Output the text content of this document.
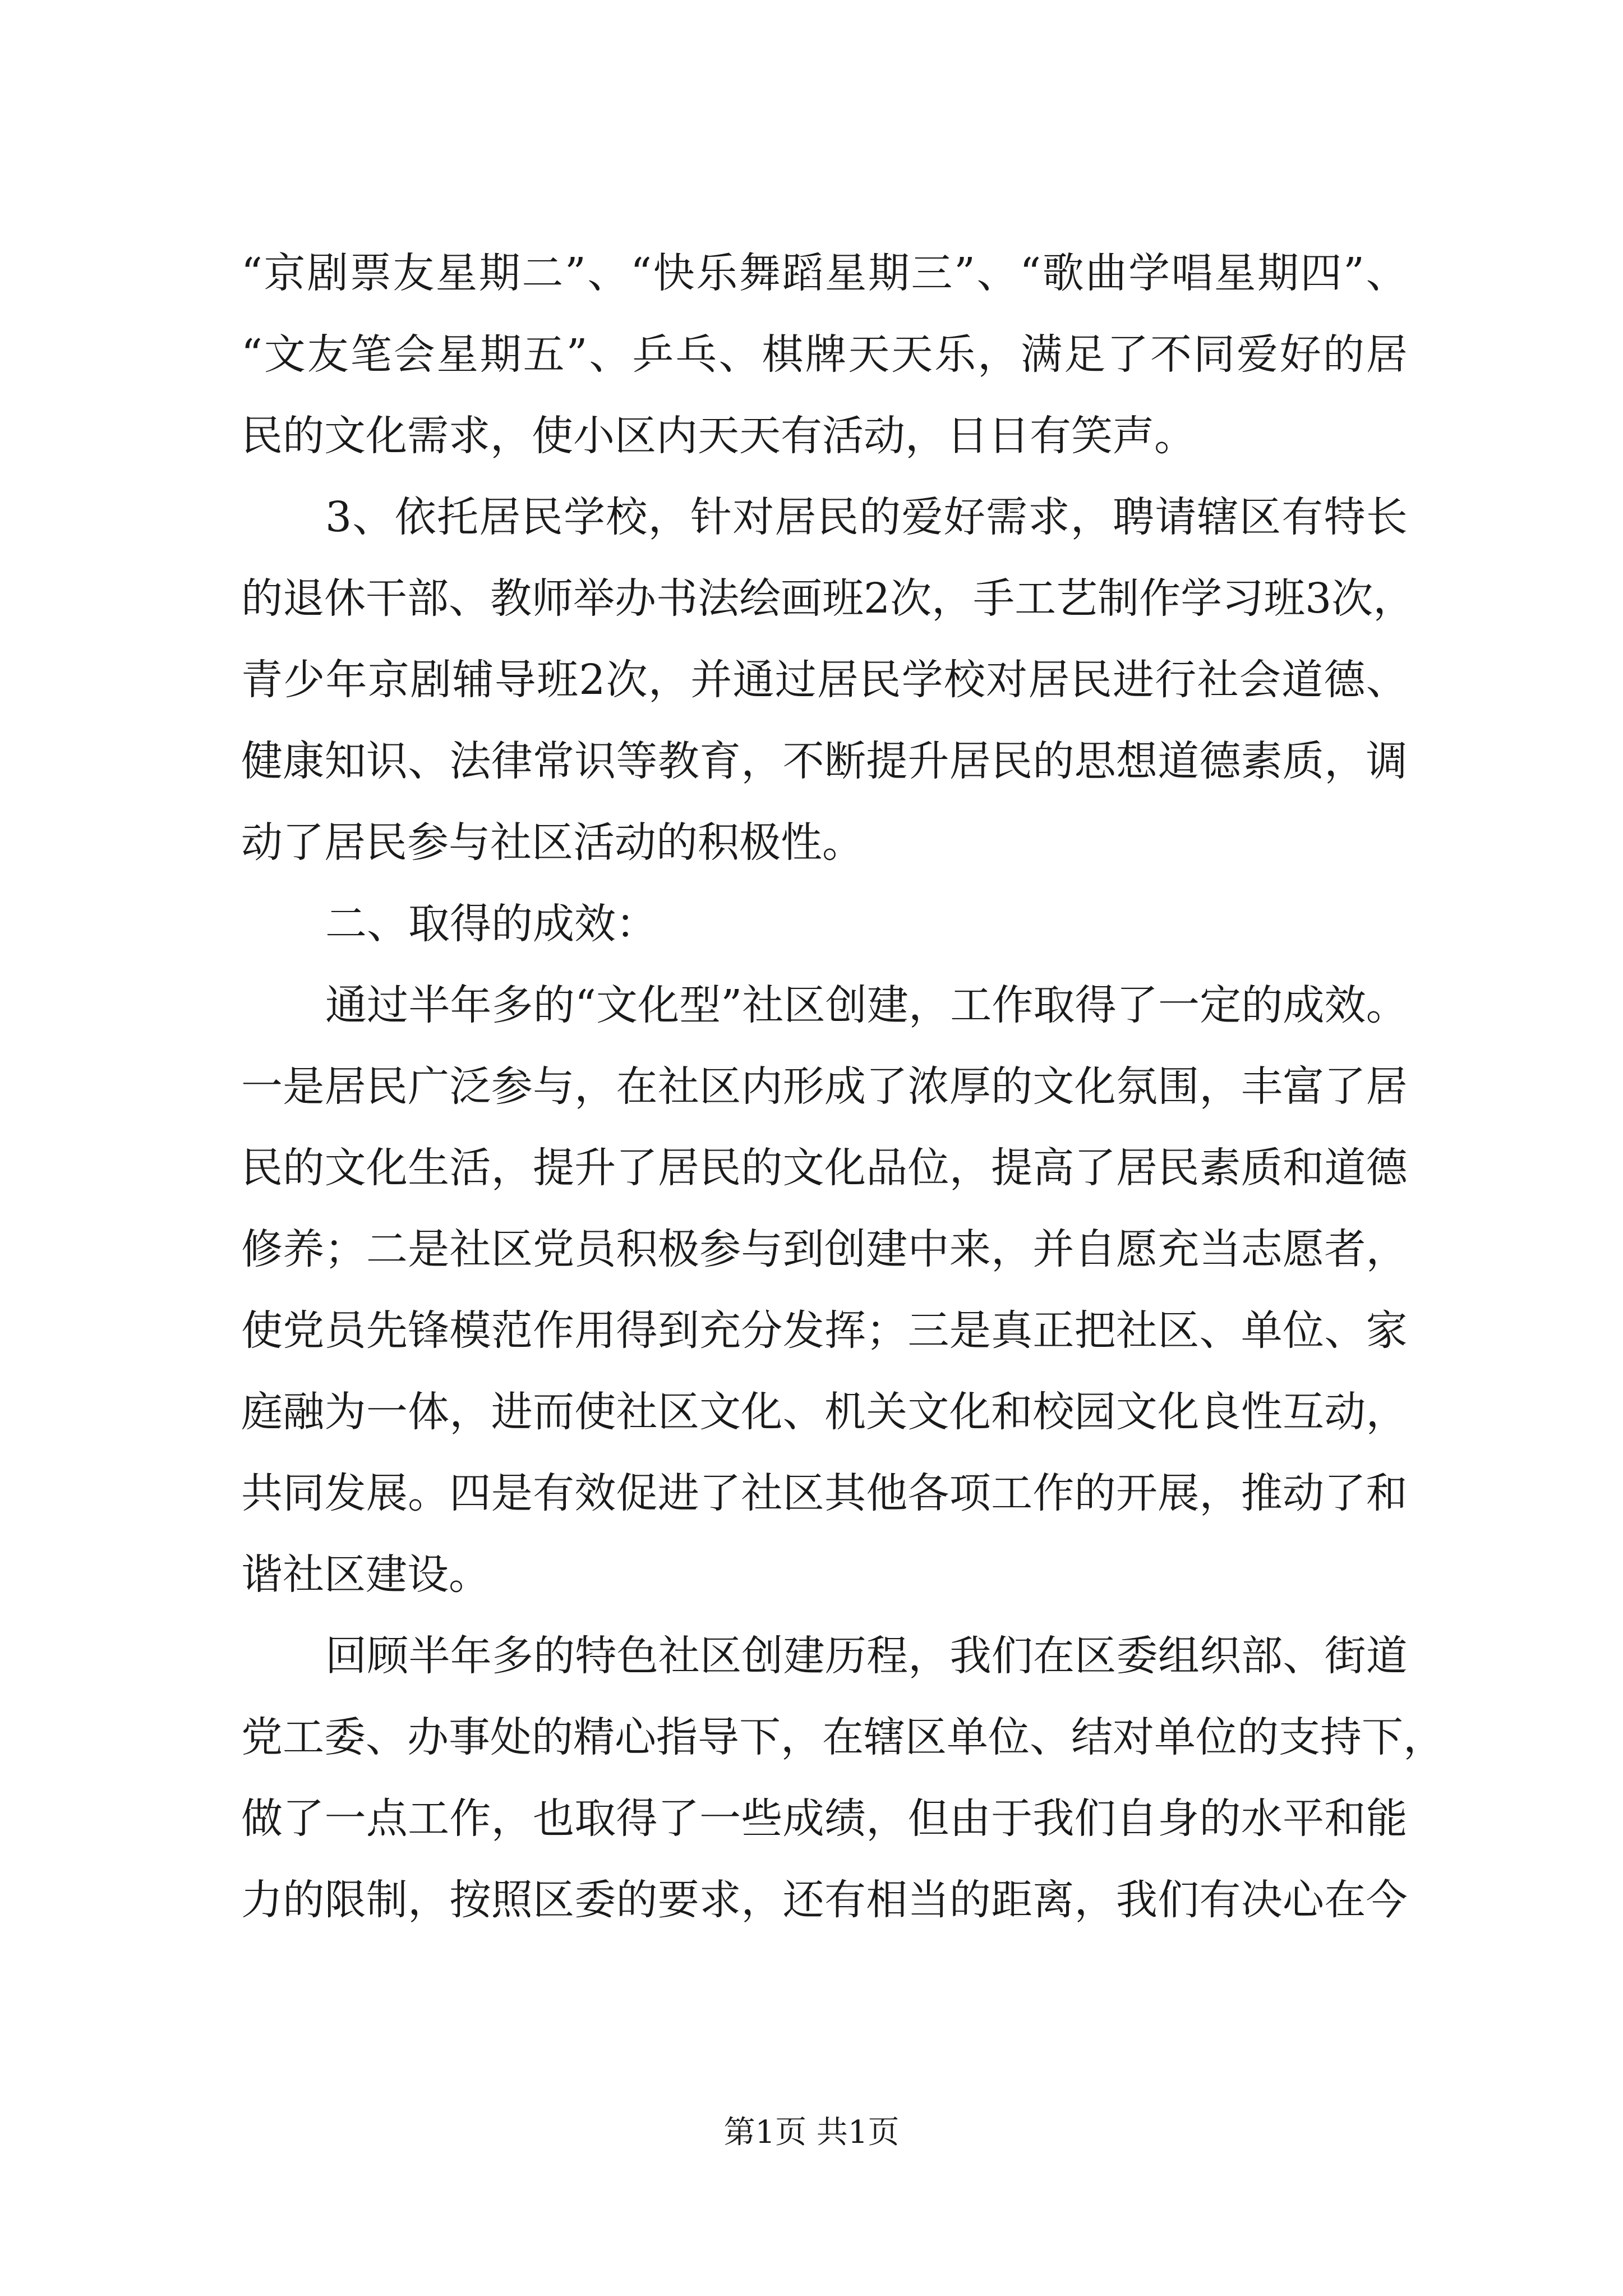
“ 京 剧 票 友 星 期 二 ” 、 “ 快 乐 舞 蹈 星 期 三 ” 、 “ 歌 曲 学 唱 星 期 四 ” 、
“ 文 友 笔 会 星 期 五 ” 、 乒 乓 、 棋 牌 天 天 乐 ， 满 足 了 不 同 爱 好 的 居
民 的 文 化 需 求 ， 使 小 区 内 天 天 有 活 动 ， 日 日 有 笑 声 。
3 、 依 托 居 民 学 校 ， 针 对 居 民 的 爱 好 需 求 ， 聘 请 辖 区 有 特 长
的 退 休 干 部 、 教 师 举 办 书 法 绘 画 班 2 次 ， 手 工 艺 制 作 学 习 班 3 次 ，
青 少 年 京 剧 辅 导 班 2 次 ， 并 通 过 居 民 学 校 对 居 民 进 行 社 会 道 德 、
健 康 知 识 、 法 律 常 识 等 教 育 ， 不 断 提 升 居 民 的 思 想 道 德 素 质 ， 调
动 了 居 民 参 与 社 区 活 动 的 积 极 性 。
二 、 取 得 的 成 效 ：
通 过 半 年 多 的 “ 文 化 型 ” 社 区 创 建 ， 工 作 取 得 了 一 定 的 成 效 。
一 是 居 民 广 泛 参 与 ， 在 社 区 内 形 成 了 浓 厚 的 文 化 氛 围 ， 丰 富 了 居
民 的 文 化 生 活 ， 提 升 了 居 民 的 文 化 品 位 ， 提 高 了 居 民 素 质 和 道 德
修 养 ； 二 是 社 区 党 员 积 极 参 与 到 创 建 中 来 ， 并 自 愿 充 当 志 愿 者 ，
使 党 员 先 锋 模 范 作 用 得 到 充 分 发 挥 ； 三 是 真 正 把 社 区 、 单 位 、 家
庭 融 为 一 体 ， 进 而 使 社 区 文 化 、 机 关 文 化 和 校 园 文 化 良 性 互 动 ，
共 同 发 展 。 四 是 有 效 促 进 了 社 区 其 他 各 项 工 作 的 开 展 ， 推 动 了 和
谐 社 区 建 设 。
回 顾 半 年 多 的 特 色 社 区 创 建 历 程 ， 我 们 在 区 委 组 织 部 、 街 道
党 工 委 、 办 事 处 的 精 心 指 导 下 ， 在 辖 区 单 位 、 结 对 单 位 的 支 持 下 ，
做 了 一 点 工 作 ， 也 取 得 了 一 些 成 绩 ， 但 由 于 我 们 自 身 的 水 平 和 能
力 的 限 制 ， 按 照 区 委 的 要 求 ， 还 有 相 当 的 距 离 ， 我 们 有 决 心 在 今
第1页 共1页
